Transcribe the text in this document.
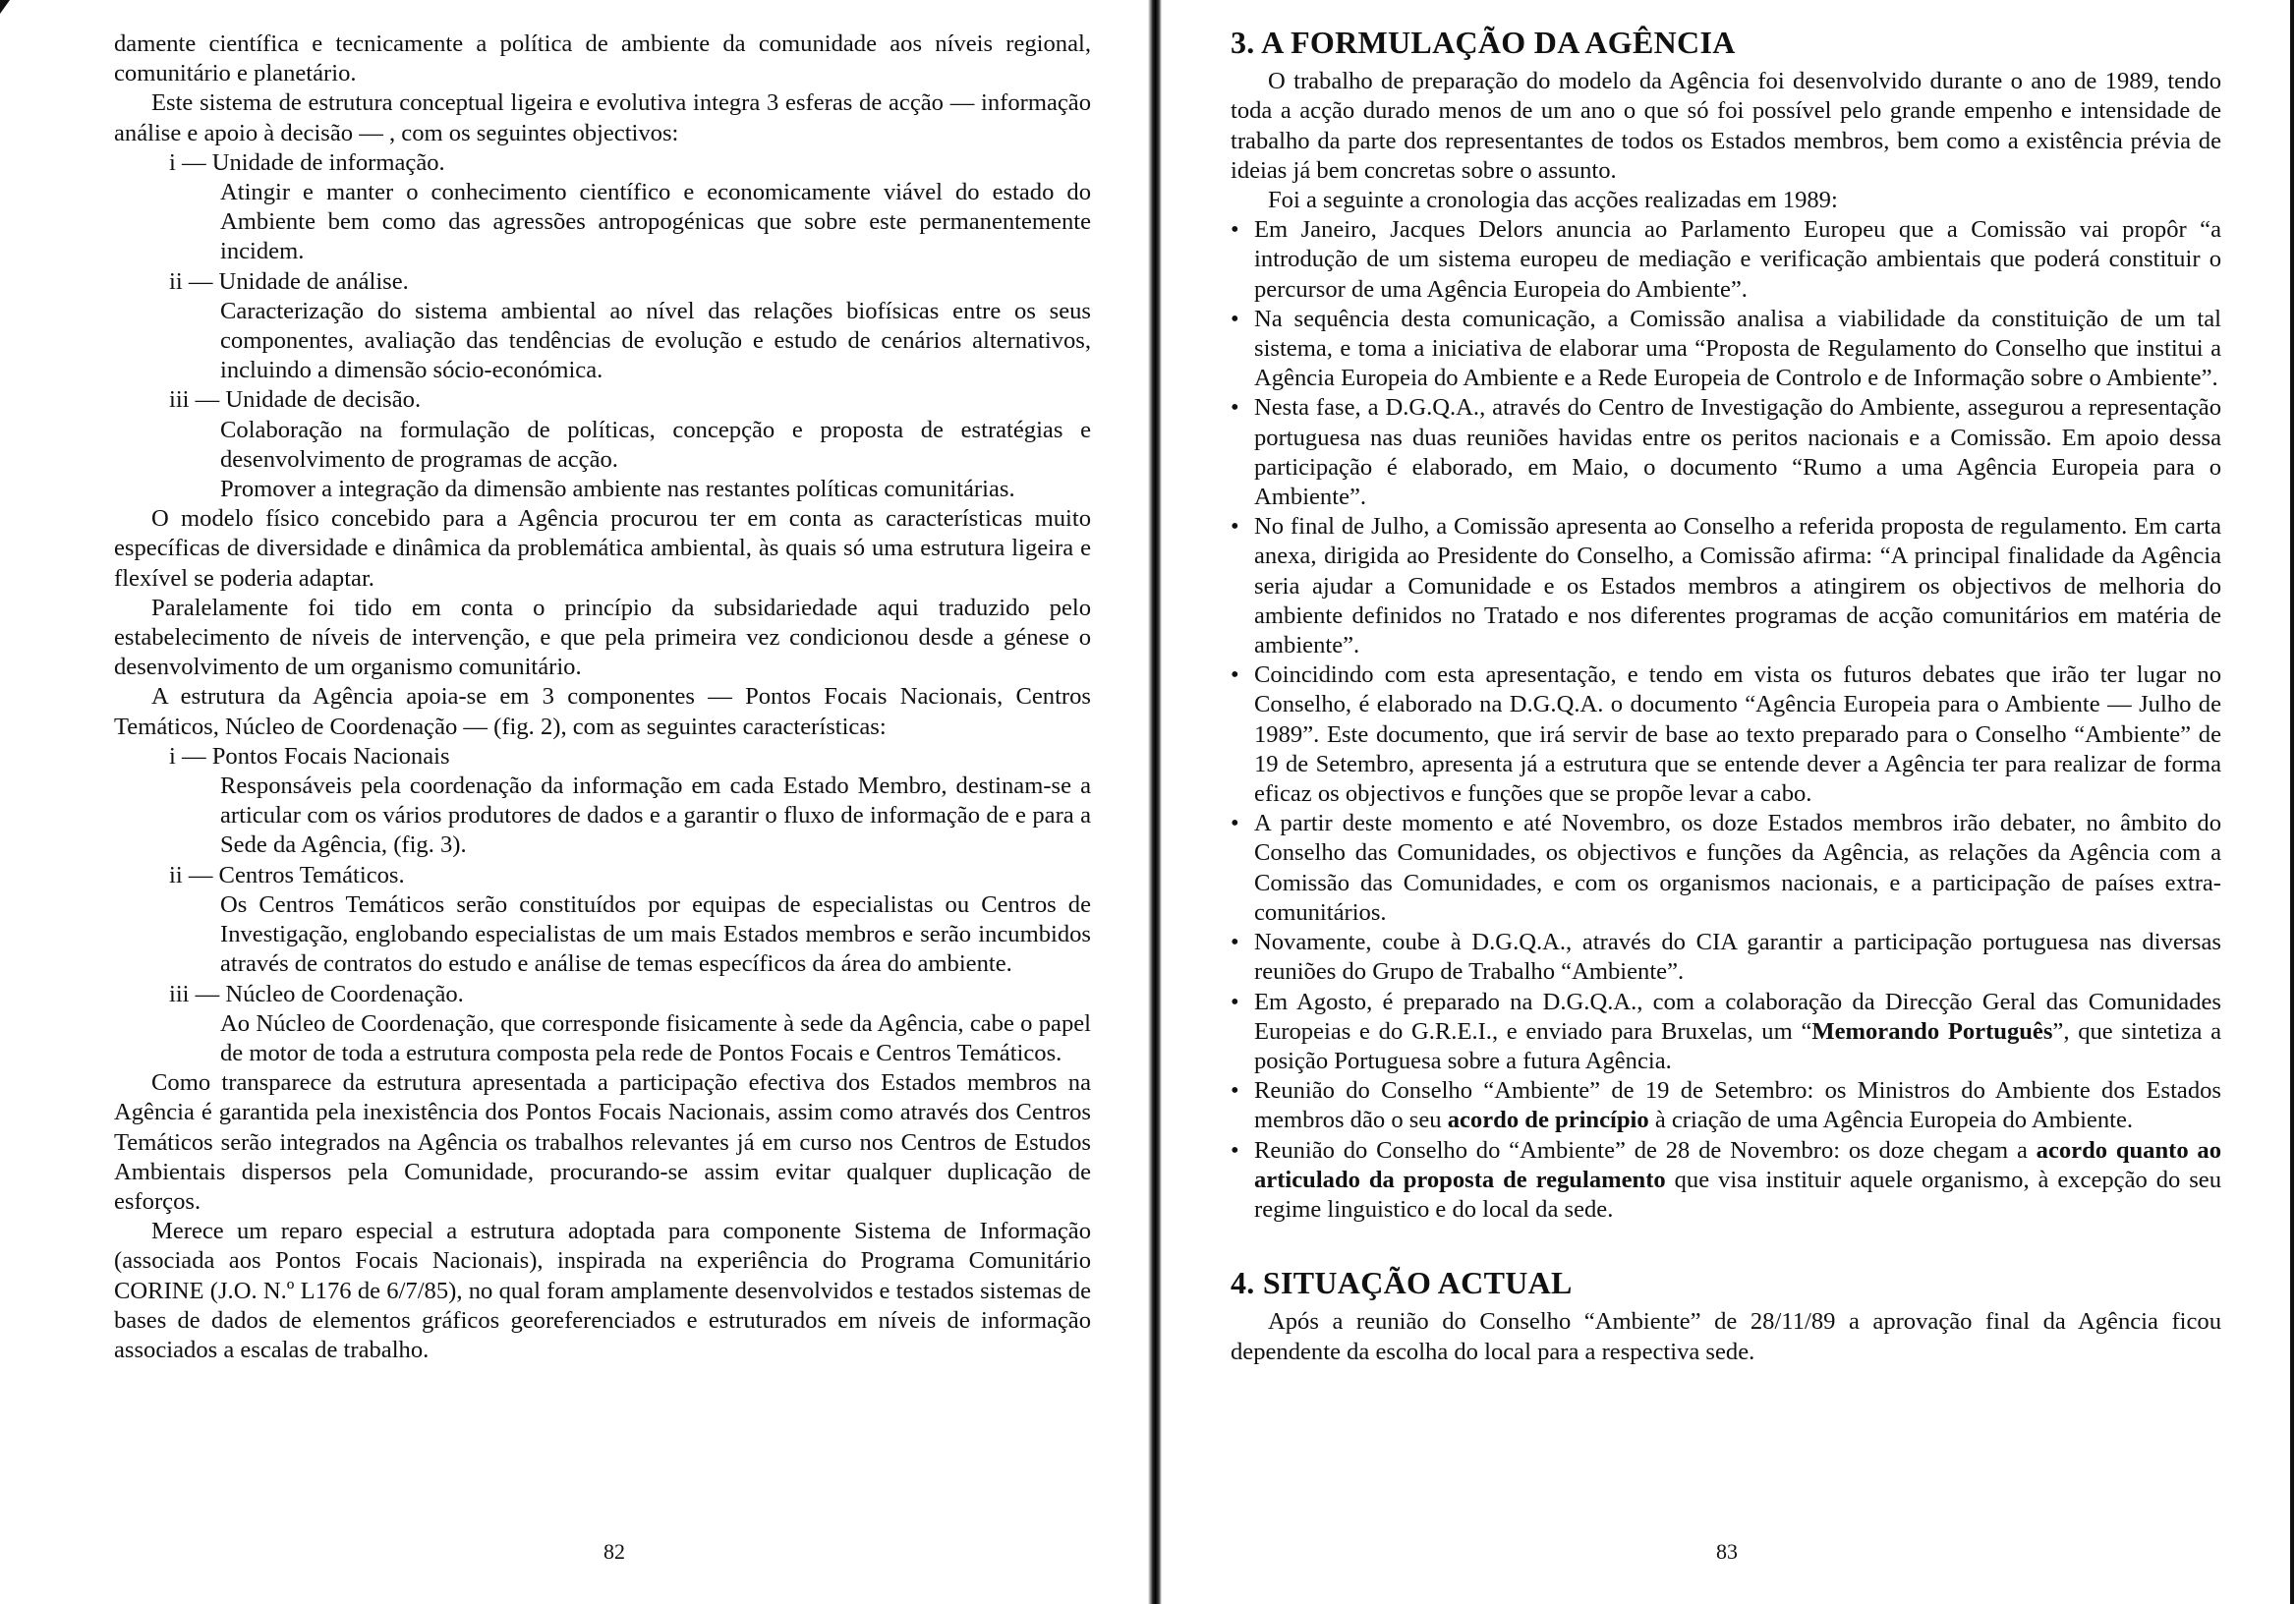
damente científica e tecnicamente a política de ambiente da comunidade aos níveis regional, comunitário e planetário.

Este sistema de estrutura conceptual ligeira e evolutiva integra 3 esferas de acção — informação análise e apoio à decisão — , com os seguintes objectivos:

i — Unidade de informação.

Atingir e manter o conhecimento científico e economicamente viável do estado do Ambiente bem como das agressões antropogénicas que sobre este permanentemente incidem.

ii — Unidade de análise.

Caracterização do sistema ambiental ao nível das relações biofísicas entre os seus componentes, avaliação das tendências de evolução e estudo de cenários alternativos, incluindo a dimensão sócio-económica.

iii — Unidade de decisão.

Colaboração na formulação de políticas, concepção e proposta de estratégias e desenvolvimento de programas de acção.

Promover a integração da dimensão ambiente nas restantes políticas comunitárias.

O modelo físico concebido para a Agência procurou ter em conta as características muito específicas de diversidade e dinâmica da problemática ambiental, às quais só uma estrutura ligeira e flexível se poderia adaptar.

Paralelamente foi tido em conta o princípio da subsidariedade aqui traduzido pelo estabelecimento de níveis de intervenção, e que pela primeira vez condicionou desde a génese o desenvolvimento de um organismo comunitário.

A estrutura da Agência apoia-se em 3 componentes — Pontos Focais Nacionais, Centros Temáticos, Núcleo de Coordenação — (fig. 2), com as seguintes características:

i — Pontos Focais Nacionais

Responsáveis pela coordenação da informação em cada Estado Membro, destinam-se a articular com os vários produtores de dados e a garantir o fluxo de informação de e para a Sede da Agência, (fig. 3).

ii — Centros Temáticos.

Os Centros Temáticos serão constituídos por equipas de especialistas ou Centros de Investigação, englobando especialistas de um mais Estados membros e serão incumbidos através de contratos do estudo e análise de temas específicos da área do ambiente.

iii — Núcleo de Coordenação.

Ao Núcleo de Coordenação, que corresponde fisicamente à sede da Agência, cabe o papel de motor de toda a estrutura composta pela rede de Pontos Focais e Centros Temáticos.

Como transparece da estrutura apresentada a participação efectiva dos Estados membros na Agência é garantida pela inexistência dos Pontos Focais Nacionais, assim como através dos Centros Temáticos serão integrados na Agência os trabalhos relevantes já em curso nos Centros de Estudos Ambientais dispersos pela Comunidade, procurando-se assim evitar qualquer duplicação de esforços.

Merece um reparo especial a estrutura adoptada para componente Sistema de Informação (associada aos Pontos Focais Nacionais), inspirada na experiência do Programa Comunitário CORINE (J.O. N.º L176 de 6/7/85), no qual foram amplamente desenvolvidos e testados sistemas de bases de dados de elementos gráficos georeferenciados e estruturados em níveis de informação associados a escalas de trabalho.

82
3. A FORMULAÇÃO DA AGÊNCIA

O trabalho de preparação do modelo da Agência foi desenvolvido durante o ano de 1989, tendo toda a acção durado menos de um ano o que só foi possível pelo grande empenho e intensidade de trabalho da parte dos representantes de todos os Estados membros, bem como a existência prévia de ideias já bem concretas sobre o assunto.

Foi a seguinte a cronologia das acções realizadas em 1989:

• Em Janeiro, Jacques Delors anuncia ao Parlamento Europeu que a Comissão vai propôr “a introdução de um sistema europeu de mediação e verificação ambientais que poderá constituir o percursor de uma Agência Europeia do Ambiente”.

• Na sequência desta comunicação, a Comissão analisa a viabilidade da constituição de um tal sistema, e toma a iniciativa de elaborar uma “Proposta de Regulamento do Conselho que institui a Agência Europeia do Ambiente e a Rede Europeia de Controlo e de Informação sobre o Ambiente”.

• Nesta fase, a D.G.Q.A., através do Centro de Investigação do Ambiente, assegurou a representação portuguesa nas duas reuniões havidas entre os peritos nacionais e a Comissão. Em apoio dessa participação é elaborado, em Maio, o documento “Rumo a uma Agência Europeia para o Ambiente”.

• No final de Julho, a Comissão apresenta ao Conselho a referida proposta de regulamento. Em carta anexa, dirigida ao Presidente do Conselho, a Comissão afirma: “A principal finalidade da Agência seria ajudar a Comunidade e os Estados membros a atingirem os objectivos de melhoria do ambiente definidos no Tratado e nos diferentes programas de acção comunitários em matéria de ambiente”.

• Coincidindo com esta apresentação, e tendo em vista os futuros debates que irão ter lugar no Conselho, é elaborado na D.G.Q.A. o documento “Agência Europeia para o Ambiente — Julho de 1989”. Este documento, que irá servir de base ao texto preparado para o Conselho “Ambiente” de 19 de Setembro, apresenta já a estrutura que se entende dever a Agência ter para realizar de forma eficaz os objectivos e funções que se propõe levar a cabo.

• A partir deste momento e até Novembro, os doze Estados membros irão debater, no âmbito do Conselho das Comunidades, os objectivos e funções da Agência, as relações da Agência com a Comissão das Comunidades, e com os organismos nacionais, e a participação de países extra-comunitários.

• Novamente, coube à D.G.Q.A., através do CIA garantir a participação portuguesa nas diversas reuniões do Grupo de Trabalho “Ambiente”.

• Em Agosto, é preparado na D.G.Q.A., com a colaboração da Direcção Geral das Comunidades Europeias e do G.R.E.I., e enviado para Bruxelas, um “Memorando Português”, que sintetiza a posição Portuguesa sobre a futura Agência.

• Reunião do Conselho “Ambiente” de 19 de Setembro: os Ministros do Ambiente dos Estados membros dão o seu acordo de princípio à criação de uma Agência Europeia do Ambiente.

• Reunião do Conselho do “Ambiente” de 28 de Novembro: os doze chegam a acordo quanto ao articulado da proposta de regulamento que visa instituir aquele organismo, à excepção do seu regime linguistico e do local da sede.

4. SITUAÇÃO ACTUAL

Após a reunião do Conselho “Ambiente” de 28/11/89 a aprovação final da Agência ficou dependente da escolha do local para a respectiva sede.

83
